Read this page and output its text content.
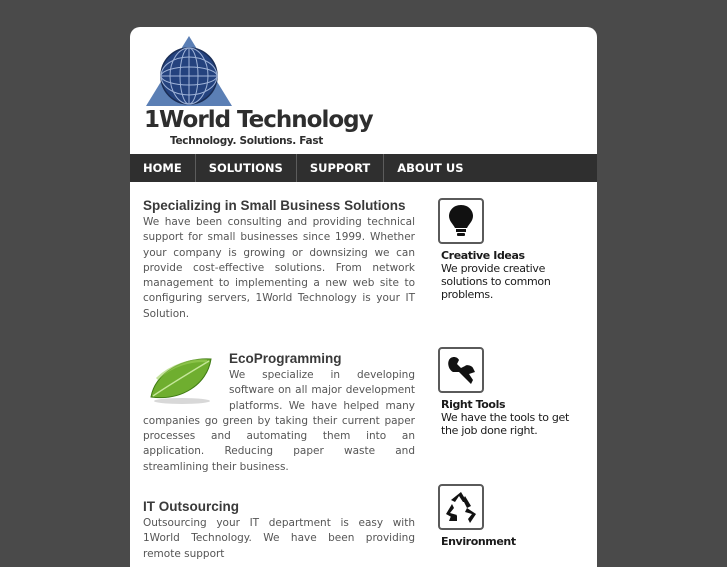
1World Technology
Technology. Solutions. Fast
HOME	SOLUTIONS	SUPPORT	ABOUT US
Specializing in Small Business Solutions

We have been consulting and providing technical support for small businesses since 1999. Whether your company is growing or downsizing we can provide cost-effective solutions. From network management to implementing a new web site to configuring servers, 1World Technology is your IT Solution.

EcoProgramming

We specialize in developing software on all major development platforms. We have helped many companies go green by taking their current paper processes and automating them into an application. Reducing paper waste and streamlining their business.

IT Outsourcing

Outsourcing your IT department is easy with 1World Technology. We have been providing remote support

Creative Ideas
We provide creative solutions to common problems.
Right Tools
We have the tools to get the job done right.
Environment
